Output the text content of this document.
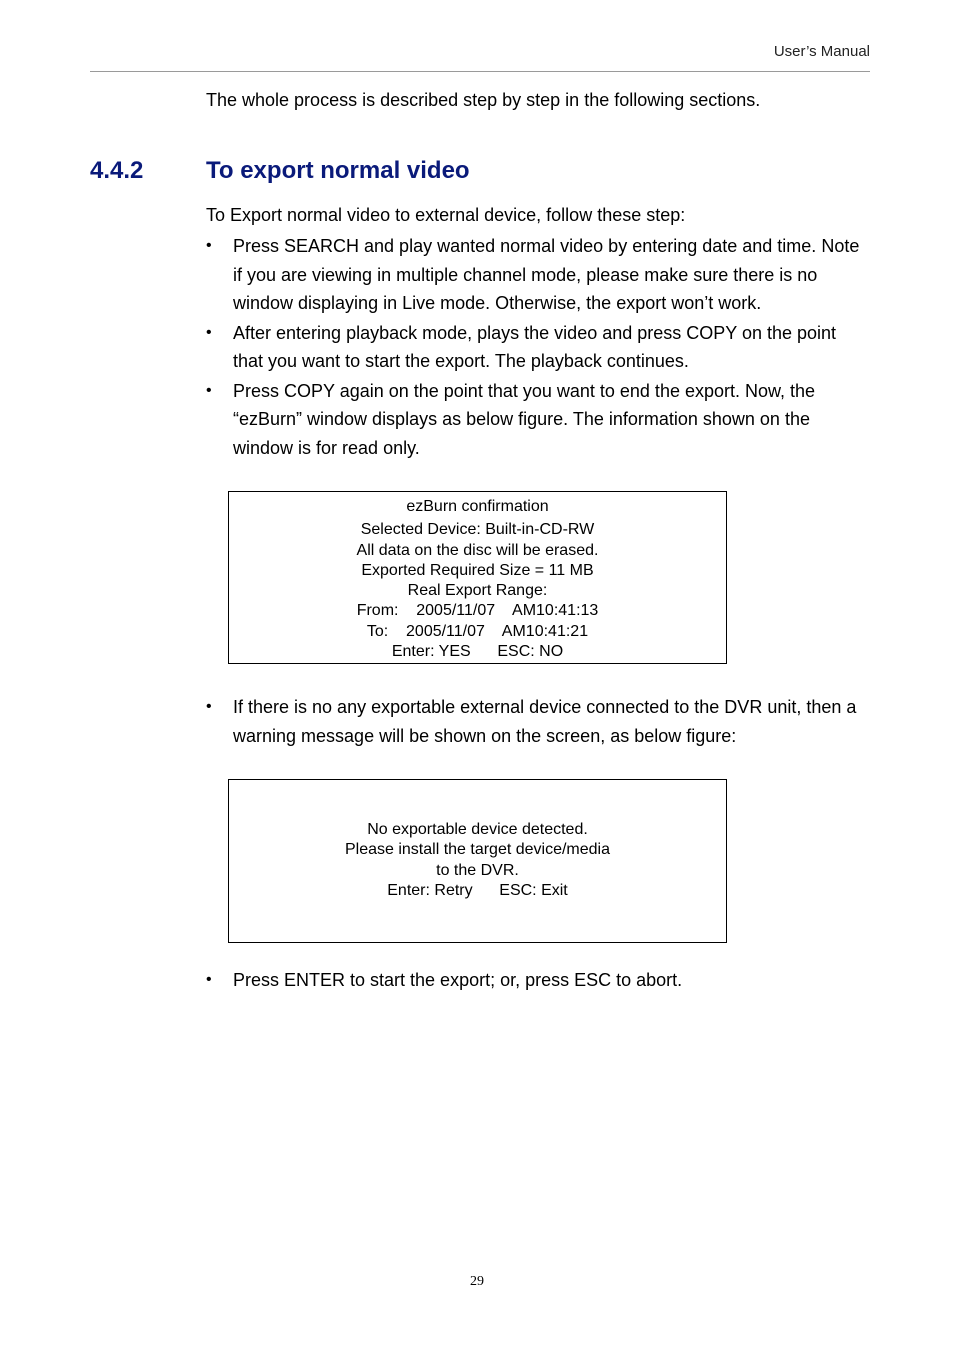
User’s Manual
The whole process is described step by step in the following sections.
4.4.2	To export normal video
To Export normal video to external device, follow these step:
• Press SEARCH and play wanted normal video by entering date and time. Note if you are viewing in multiple channel mode, please make sure there is no window displaying in Live mode. Otherwise, the export won’t work.
• After entering playback mode, plays the video and press COPY on the point that you want to start the export. The playback continues.
• Press COPY again on the point that you want to end the export. Now, the “ezBurn” window displays as below figure. The information shown on the window is for read only.
ezBurn confirmation
Selected Device: Built-in-CD-RW
All data on the disc will be erased.
Exported Required Size = 11 MB
Real Export Range:
From:    2005/11/07    AM10:41:13
To:    2005/11/07    AM10:41:21
Enter: YES      ESC: NO
• If there is no any exportable external device connected to the DVR unit, then a warning message will be shown on the screen, as below figure:
No exportable device detected.
Please install the target device/media
to the DVR.
Enter: Retry      ESC: Exit
• Press ENTER to start the export; or, press ESC to abort.
29
